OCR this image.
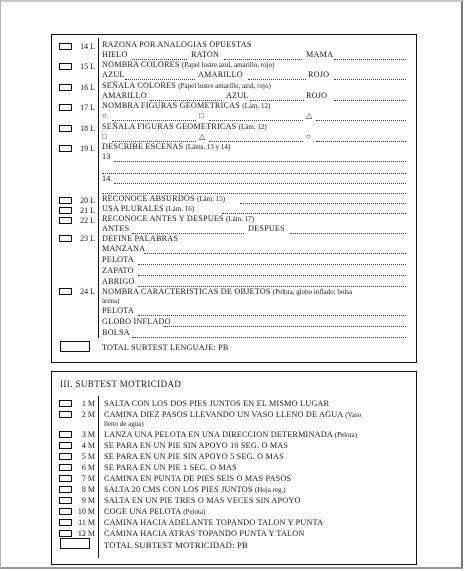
14 L RAZONA POR ANALOGIAS OPUESTAS
HIELO	RATON	MAMA
15 L NOMBRA COLORES (Papel lustre azul, amarillo, rojo)
AZUL	AMARILLO	ROJO
16 L SEÑALA COLORES (Papel lustre amarillo, azul, rojo)
AMARILLO	AZUL	ROJO
17 L NOMBRA FIGURAS GEOMETRICAS (Lám. 12)
○	□	△
18 L SEÑALA FIGURAS GEOMETRICAS (Lám. 12)
□	△	○
19 L DESCRIBE ESCENAS (Láms. 13 y 14)
13
14
20 L RECONOCE ABSURDOS (Lám. 15)
21 L USA PLURALES (Lám. 16)
22 L RECONOCE ANTES Y DESPUES (Lám. 17)
ANTES	DESPUES
23 L DEFINE PALABRAS
MANZANA
PELOTA
ZAPATO
ABRIGO
24 L NOMBRA CARACTERISTICAS DE OBJETOS (Pelota, globo inflado; bolsa
arena)
PELOTA
GLOBO INFLADO
BOLSA
TOTAL SUBTEST LENGUAJE: PB
III. SUBTEST MOTRICIDAD
1 M SALTA CON LOS DOS PIES JUNTOS EN EL MISMO LUGAR
2 M CAMINA DIEZ PASOS LLEVANDO UN VASO LLENO DE AGUA (Vaso
lleno de agua)
3 M LANZA UNA PELOTA EN UNA DIRECCION DETERMINADA (Pelota)
4 M SE PARA EN UN PIE SIN APOYO 10 SEG. O MAS
5 M SE PARA EN UN PIE SIN APOYO 5 SEG. O MAS
6 M SE PARA EN UN PIE 1 SEG. O MAS
7 M CAMINA EN PUNTA DE PIES SEIS O MAS PASOS
8 M SALTA 20 CMS CON LOS PIES JUNTOS (Hoja reg.)
9 M SALTA EN UN PIE TRES O MAS VECES SIN APOYO
10 M COGE UNA PELOTA (Pelota)
11 M CAMINA HACIA ADELANTE TOPANDO TALON Y PUNTA
12 M CAMINA HACIA ATRAS TOPANDO PUNTA Y TALON
TOTAL SUBTEST MOTRICIDAD: PB
